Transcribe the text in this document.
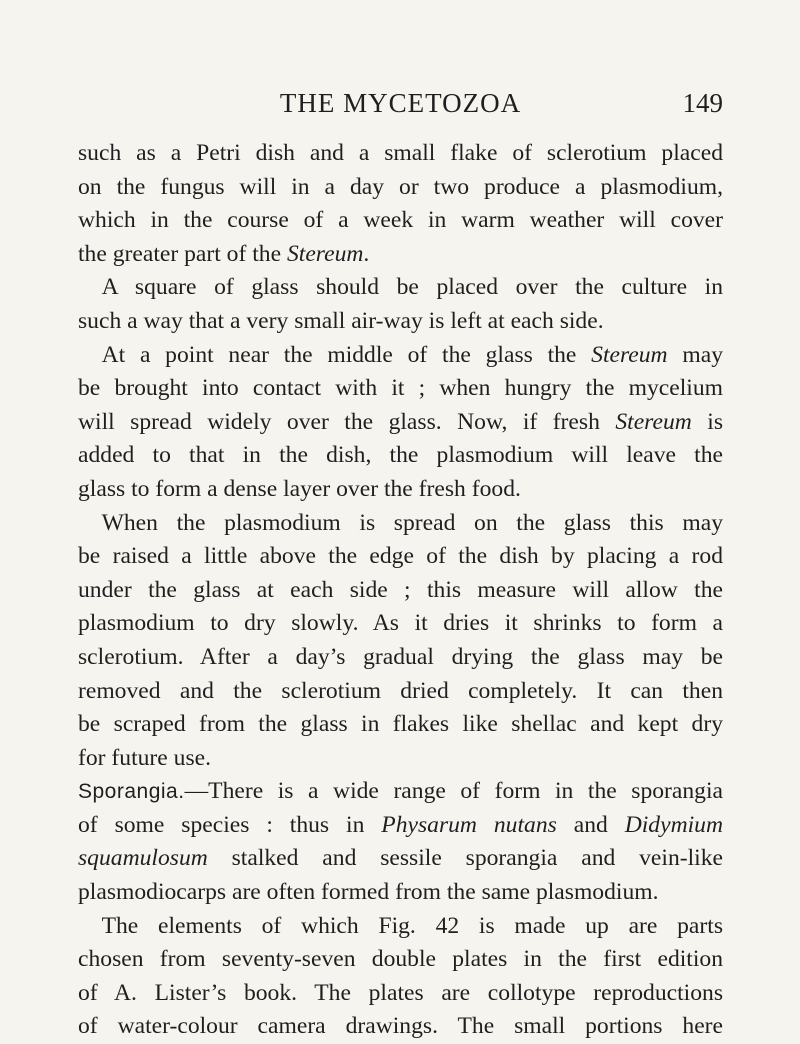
THE MYCETOZOA	149
such as a Petri dish and a small flake of sclerotium placed
on the fungus will in a day or two produce a plasmodium,
which in the course of a week in warm weather will cover
the greater part of the Stereum.
 A square of glass should be placed over the culture in
such a way that a very small air-way is left at each side.
 At a point near the middle of the glass the Stereum may
be brought into contact with it ; when hungry the mycelium
will spread widely over the glass. Now, if fresh Stereum is
added to that in the dish, the plasmodium will leave the
glass to form a dense layer over the fresh food.
 When the plasmodium is spread on the glass this may
be raised a little above the edge of the dish by placing a rod
under the glass at each side ; this measure will allow the
plasmodium to dry slowly. As it dries it shrinks to form a
sclerotium. After a day’s gradual drying the glass may be
removed and the sclerotium dried completely. It can then
be scraped from the glass in flakes like shellac and kept dry
for future use.
Sporangia.—There is a wide range of form in the sporangia
of some species : thus in Physarum nutans and Didymium
squamulosum stalked and sessile sporangia and vein-like
plasmodiocarps are often formed from the same plasmodium.
 The elements of which Fig. 42 is made up are parts
chosen from seventy-seven double plates in the first edition
of A. Lister’s book. The plates are collotype reproductions
of water-colour camera drawings. The small portions here
